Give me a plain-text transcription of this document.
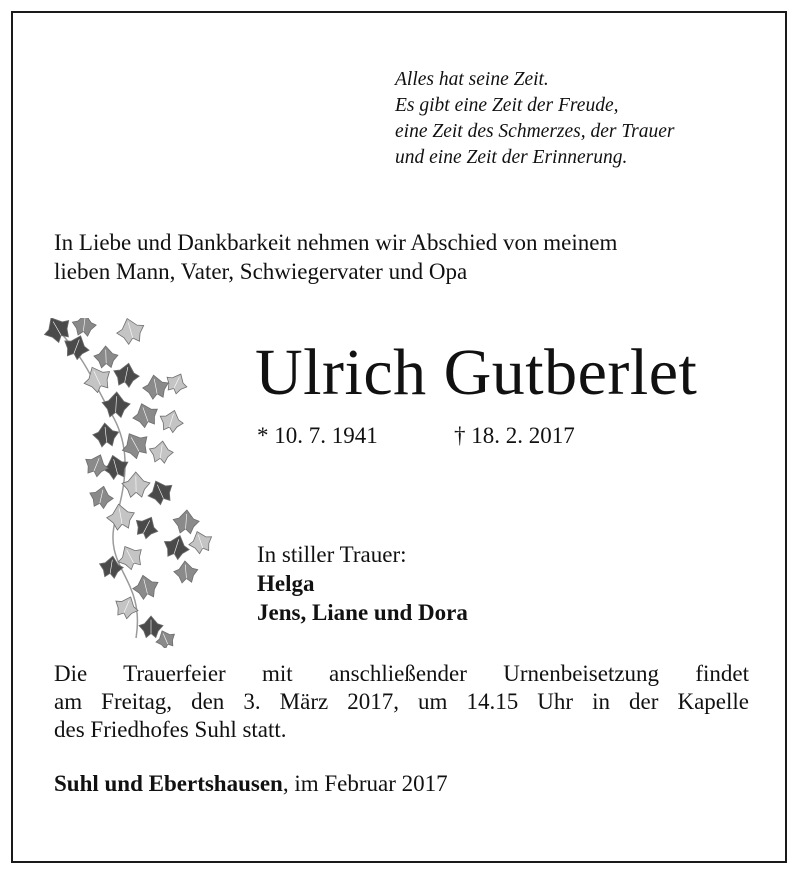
Alles hat seine Zeit.
Es gibt eine Zeit der Freude,
eine Zeit des Schmerzes, der Trauer
und eine Zeit der Erinnerung.
In Liebe und Dankbarkeit nehmen wir Abschied von meinem
lieben Mann, Vater, Schwiegervater und Opa
Ulrich Gutberlet
* 10. 7. 1941	† 18. 2. 2017
In stiller Trauer:
Helga
Jens, Liane und Dora
Die Trauerfeier mit anschließender Urnenbeisetzung findet
am Freitag, den 3. März 2017, um 14.15 Uhr in der Kapelle
des Friedhofes Suhl statt.
Suhl und Ebertshausen, im Februar 2017
